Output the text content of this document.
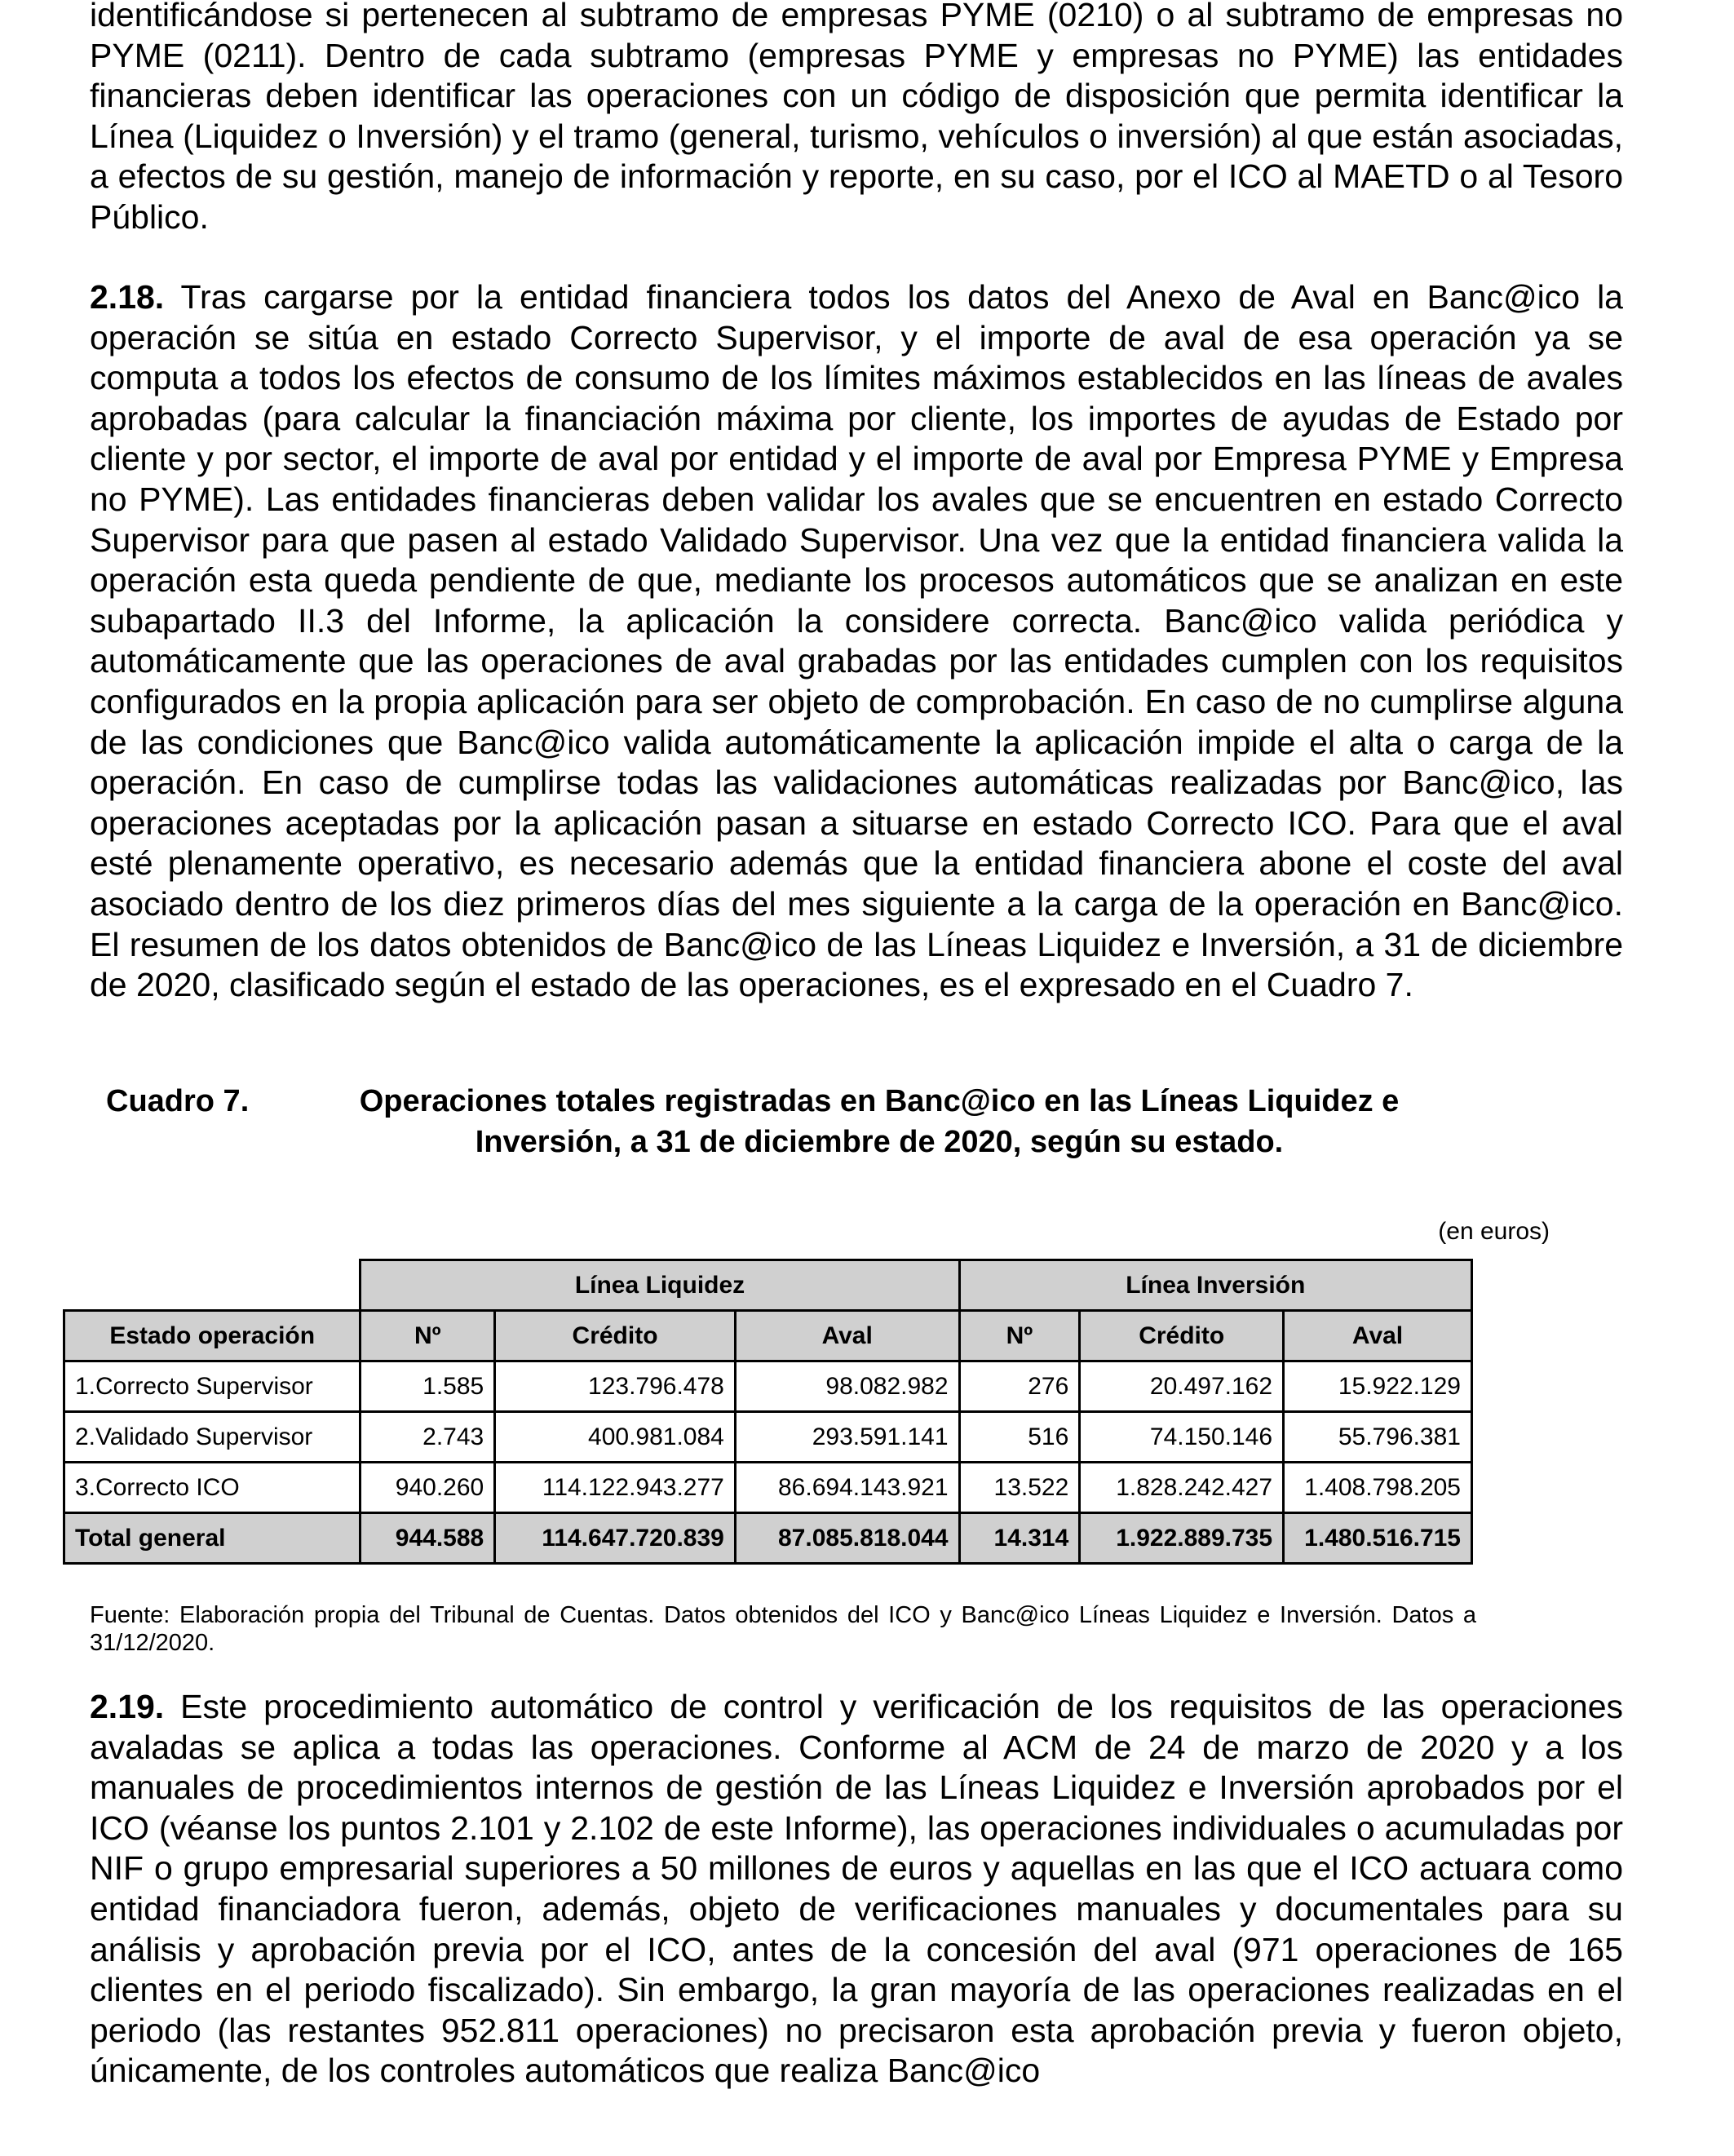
identificándose si pertenecen al subtramo de empresas PYME (0210) o al subtramo de empresas no PYME (0211). Dentro de cada subtramo (empresas PYME y empresas no PYME) las entidades financieras deben identificar las operaciones con un código de disposición que permita identificar la Línea (Liquidez o Inversión) y el tramo (general, turismo, vehículos o inversión) al que están asociadas, a efectos de su gestión, manejo de información y reporte, en su caso, por el ICO al MAETD o al Tesoro Público.

2.18. Tras cargarse por la entidad financiera todos los datos del Anexo de Aval en Banc@ico la operación se sitúa en estado Correcto Supervisor, y el importe de aval de esa operación ya se computa a todos los efectos de consumo de los límites máximos establecidos en las líneas de avales aprobadas (para calcular la financiación máxima por cliente, los importes de ayudas de Estado por cliente y por sector, el importe de aval por entidad y el importe de aval por Empresa PYME y Empresa no PYME). Las entidades financieras deben validar los avales que se encuentren en estado Correcto Supervisor para que pasen al estado Validado Supervisor. Una vez que la entidad financiera valida la operación esta queda pendiente de que, mediante los procesos automáticos que se analizan en este subapartado II.3 del Informe, la aplicación la considere correcta. Banc@ico valida periódica y automáticamente que las operaciones de aval grabadas por las entidades cumplen con los requisitos configurados en la propia aplicación para ser objeto de comprobación. En caso de no cumplirse alguna de las condiciones que Banc@ico valida automáticamente la aplicación impide el alta o carga de la operación. En caso de cumplirse todas las validaciones automáticas realizadas por Banc@ico, las operaciones aceptadas por la aplicación pasan a situarse en estado Correcto ICO. Para que el aval esté plenamente operativo, es necesario además que la entidad financiera abone el coste del aval asociado dentro de los diez primeros días del mes siguiente a la carga de la operación en Banc@ico. El resumen de los datos obtenidos de Banc@ico de las Líneas Liquidez e Inversión, a 31 de diciembre de 2020, clasificado según el estado de las operaciones, es el expresado en el Cuadro 7.

Cuadro 7.	Operaciones totales registradas en Banc@ico en las Líneas Liquidez e Inversión, a 31 de diciembre de 2020, según su estado.
(en euros)
	Línea Liquidez			Línea Inversión		
Estado operación	Nº	Crédito	Aval	Nº	Crédito	Aval
1.Correcto Supervisor	1.585	123.796.478	98.082.982	276	20.497.162	15.922.129
2.Validado Supervisor	2.743	400.981.084	293.591.141	516	74.150.146	55.796.381
3.Correcto ICO	940.260	114.122.943.277	86.694.143.921	13.522	1.828.242.427	1.408.798.205
Total general	944.588	114.647.720.839	87.085.818.044	14.314	1.922.889.735	1.480.516.715
Fuente: Elaboración propia del Tribunal de Cuentas. Datos obtenidos del ICO y Banc@ico Líneas Liquidez e Inversión. Datos a 31/12/2020.

2.19. Este procedimiento automático de control y verificación de los requisitos de las operaciones avaladas se aplica a todas las operaciones. Conforme al ACM de 24 de marzo de 2020 y a los manuales de procedimientos internos de gestión de las Líneas Liquidez e Inversión aprobados por el ICO (véanse los puntos 2.101 y 2.102 de este Informe), las operaciones individuales o acumuladas por NIF o grupo empresarial superiores a 50 millones de euros y aquellas en las que el ICO actuara como entidad financiadora fueron, además, objeto de verificaciones manuales y documentales para su análisis y aprobación previa por el ICO, antes de la concesión del aval (971 operaciones de 165 clientes en el periodo fiscalizado). Sin embargo, la gran mayoría de las operaciones realizadas en el periodo (las restantes 952.811 operaciones) no precisaron esta aprobación previa y fueron objeto, únicamente, de los controles automáticos que realiza Banc@ico
